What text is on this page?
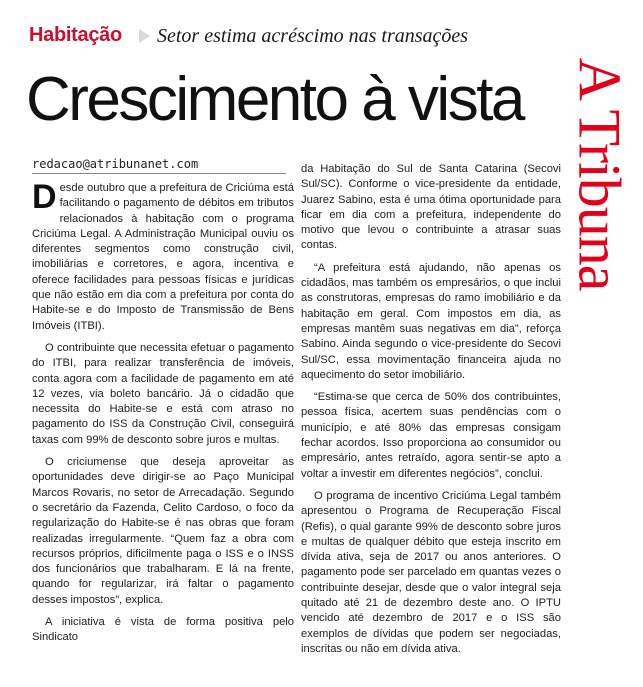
Habitação Setor estima acréscimo nas transações
Crescimento à vista A Tribuna
redacao@atribunanet.com

Desde outubro que a prefeitura de Criciúma está facilitando o pagamento de débitos em tributos relacionados à habitação com o programa Criciúma Legal. A Administração Municipal ouviu os diferentes segmentos como construção civil, imobiliárias e corretores, e agora, incentiva e oferece facilidades para pessoas físicas e jurídicas que não estão em dia com a prefeitura por conta do Habite-se e do Imposto de Transmissão de Bens Imóveis (ITBI).

O contribuinte que necessita efetuar o pagamento do ITBI, para realizar transferência de imóveis, conta agora com a facilidade de pagamento em até 12 vezes, via boleto bancário. Já o cidadão que necessita do Habite-se e está com atraso no pagamento do ISS da Construção Civil, conseguirá taxas com 99% de desconto sobre juros e multas.

O criciumense que deseja aproveitar as oportunidades deve dirigir-se ao Paço Municipal Marcos Rovaris, no setor de Arrecadação. Segundo o secretário da Fazenda, Celito Cardoso, o foco da regularização do Habite-se é nas obras que foram realizadas irregularmente. “Quem faz a obra com recursos próprios, dificilmente paga o ISS e o INSS dos funcionários que trabalharam. E lá na frente, quando for regularizar, irá faltar o pagamento desses impostos”, explica.

A iniciativa é vista de forma positiva pelo Sindicato

da Habitação do Sul de Santa Catarina (Secovi Sul/SC). Conforme o vice-presidente da entidade, Juarez Sabino, esta é uma ótima oportunidade para ficar em dia com a prefeitura, independente do motivo que levou o contribuinte a atrasar suas contas.

“A prefeitura está ajudando, não apenas os cidadãos, mas também os empresários, o que inclui as construtoras, empresas do ramo imobiliário e da habitação em geral. Com impostos em dia, as empresas mantêm suas negativas em dia”, reforça Sabino. Ainda segundo o vice-presidente do Secovi Sul/SC, essa movimentação financeira ajuda no aquecimento do setor imobiliário.

“Estima-se que cerca de 50% dos contribuintes, pessoa física, acertem suas pendências com o município, e até 80% das empresas consigam fechar acordos. Isso proporciona ao consumidor ou empresário, antes retraído, agora sentir-se apto a voltar a investir em diferentes negócios”, conclui.

O programa de incentivo Criciúma Legal também apresentou o Programa de Recuperação Fiscal (Refis), o qual garante 99% de desconto sobre juros e multas de qualquer débito que esteja inscrito em dívida ativa, seja de 2017 ou anos anteriores. O pagamento pode ser parcelado em quantas vezes o contribuinte desejar, desde que o valor integral seja quitado até 21 de dezembro deste ano. O IPTU vencido até dezembro de 2017 e o ISS são exemplos de dívidas que podem ser negociadas, inscritas ou não em dívida ativa.
